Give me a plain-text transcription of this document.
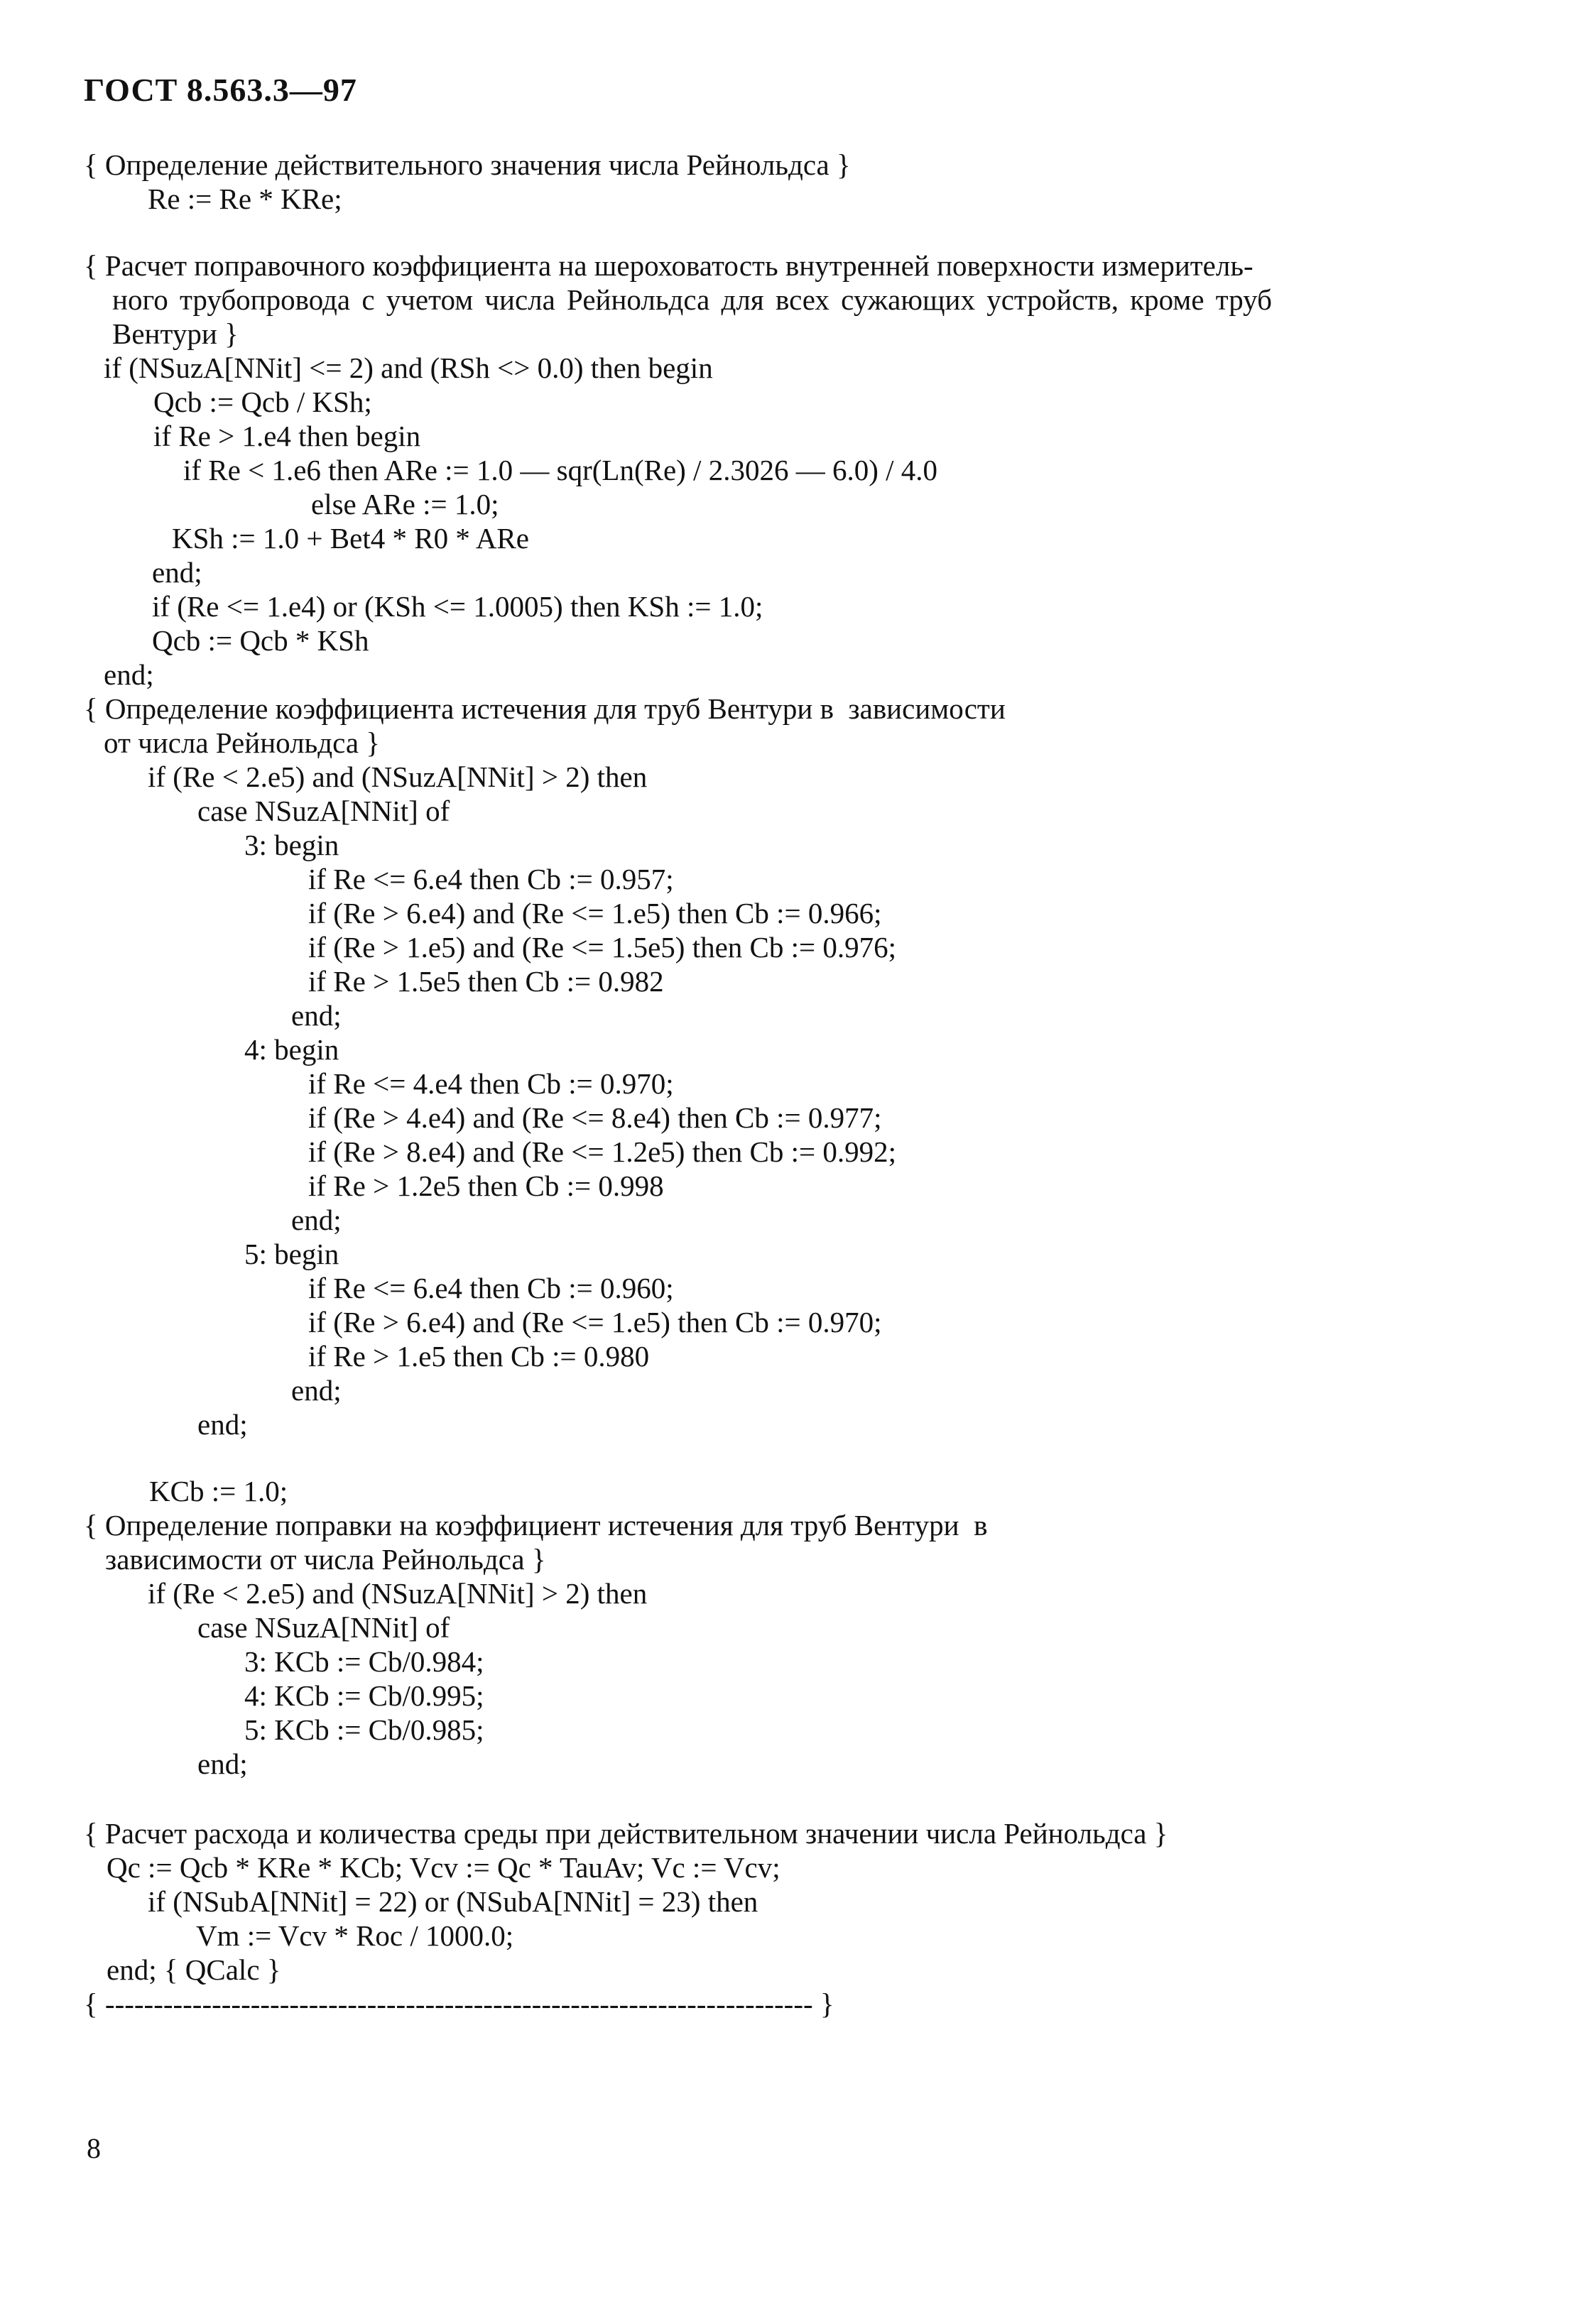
ГОСТ 8.563.3—97
{ Определение действительного значения числа Рейнольдса }
Re := Re * KRe;
{ Расчет поправочного коэффициента на шероховатость внутренней поверхности измеритель-
ного трубопровода с учетом числа Рейнольдса для всех сужающих устройств, кроме труб
Вентури }
if (NSuzA[NNit] <= 2) and (RSh <> 0.0) then begin
Qcb := Qcb / KSh;
if Re > 1.e4 then begin
if Re < 1.e6 then ARe := 1.0 — sqr(Ln(Re) / 2.3026 — 6.0) / 4.0
else ARe := 1.0;
KSh := 1.0 + Bet4 * R0 * ARe
end;
if (Re <= 1.e4) or (KSh <= 1.0005) then KSh := 1.0;
Qcb := Qcb * KSh
end;
{ Определение коэффициента истечения для труб Вентури в  зависимости
от числа Рейнольдса }
if (Re < 2.e5) and (NSuzA[NNit] > 2) then
case NSuzA[NNit] of
3: begin
if Re <= 6.e4 then Cb := 0.957;
if (Re > 6.e4) and (Re <= 1.e5) then Cb := 0.966;
if (Re > 1.e5) and (Re <= 1.5e5) then Cb := 0.976;
if Re > 1.5e5 then Cb := 0.982
end;
4: begin
if Re <= 4.e4 then Cb := 0.970;
if (Re > 4.e4) and (Re <= 8.e4) then Cb := 0.977;
if (Re > 8.e4) and (Re <= 1.2e5) then Cb := 0.992;
if Re > 1.2e5 then Cb := 0.998
end;
5: begin
if Re <= 6.e4 then Cb := 0.960;
if (Re > 6.e4) and (Re <= 1.e5) then Cb := 0.970;
if Re > 1.e5 then Cb := 0.980
end;
end;
KCb := 1.0;
{ Определение поправки на коэффициент истечения для труб Вентури  в
зависимости от числа Рейнольдса }
if (Re < 2.e5) and (NSuzA[NNit] > 2) then
case NSuzA[NNit] of
3: KCb := Cb/0.984;
4: KCb := Cb/0.995;
5: KCb := Cb/0.985;
end;
{ Расчет расхода и количества среды при действительном значении числа Рейнольдса }
Qc := Qcb * KRe * KCb; Vcv := Qc * TauAv; Vc := Vcv;
if (NSubA[NNit] = 22) or (NSubA[NNit] = 23) then
Vm := Vcv * Roc / 1000.0;
end; { QCalc }
{ ------------------------------------------------------------------------- }
8
